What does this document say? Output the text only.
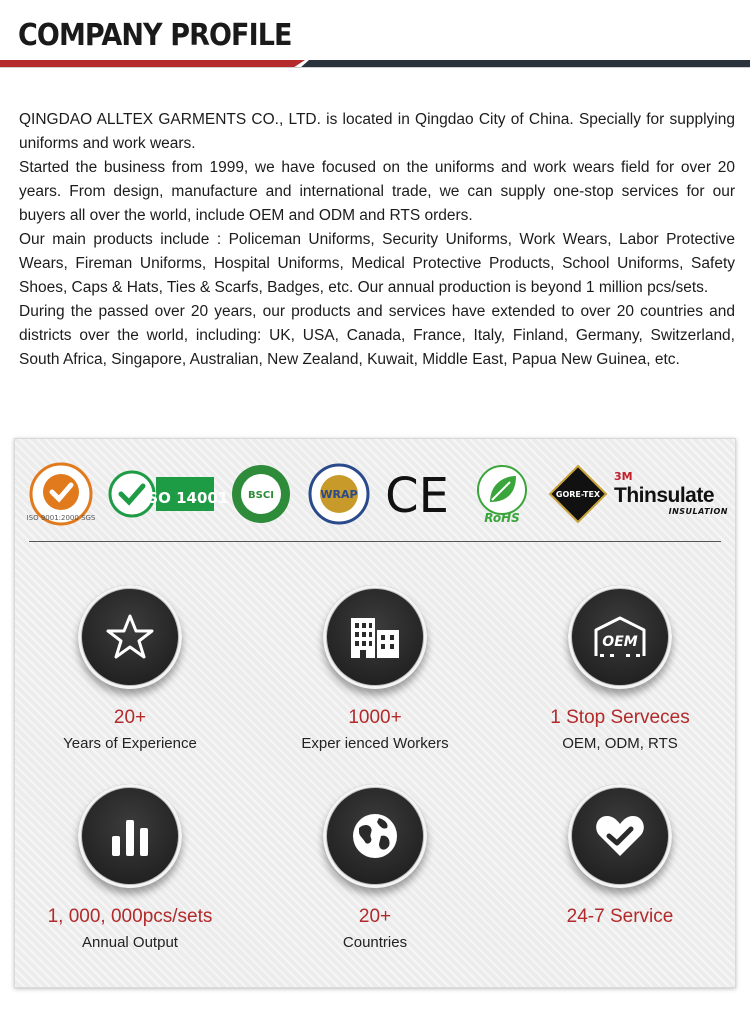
COMPANY PROFILE

QINGDAO ALLTEX GARMENTS CO., LTD. is located in Qingdao City of China. Specially for supplying uniforms and work wears.

Started the business from 1999, we have focused on the uniforms and work wears field for over 20 years. From design, manufacture and international trade, we can supply one-stop services for our buyers all over the world, include OEM and ODM and RTS orders.

Our main products include : Policeman Uniforms, Security Uniforms, Work Wears, Labor Protective Wears, Fireman Uniforms, Hospital Uniforms, Medical Protective Products, School Uniforms, Safety Shoes, Caps & Hats, Ties & Scarfs, Badges, etc. Our annual production is beyond 1 million pcs/sets.

During the passed over 20 years, our products and services have extended to over 20 countries and districts over the world, including: UK, USA, Canada, France, Italy, Finland, Germany, Switzerland, South Africa, Singapore, Australian, New Zealand, Kuwait, Middle East, Papua New Guinea, etc.

ISO 9001:2000 SGS
ISO 14001 BSCI	WRAP CE	RoHS
GORE-TEX
3M
Thinsulate
INSULATION
20+
Years of Experience
1000+
Exper ienced Workers
OEM
1 Stop Serveces
OEM, ODM, RTS
1, 000, 000pcs/sets
Annual Output
20+
Countries
24-7 Service
